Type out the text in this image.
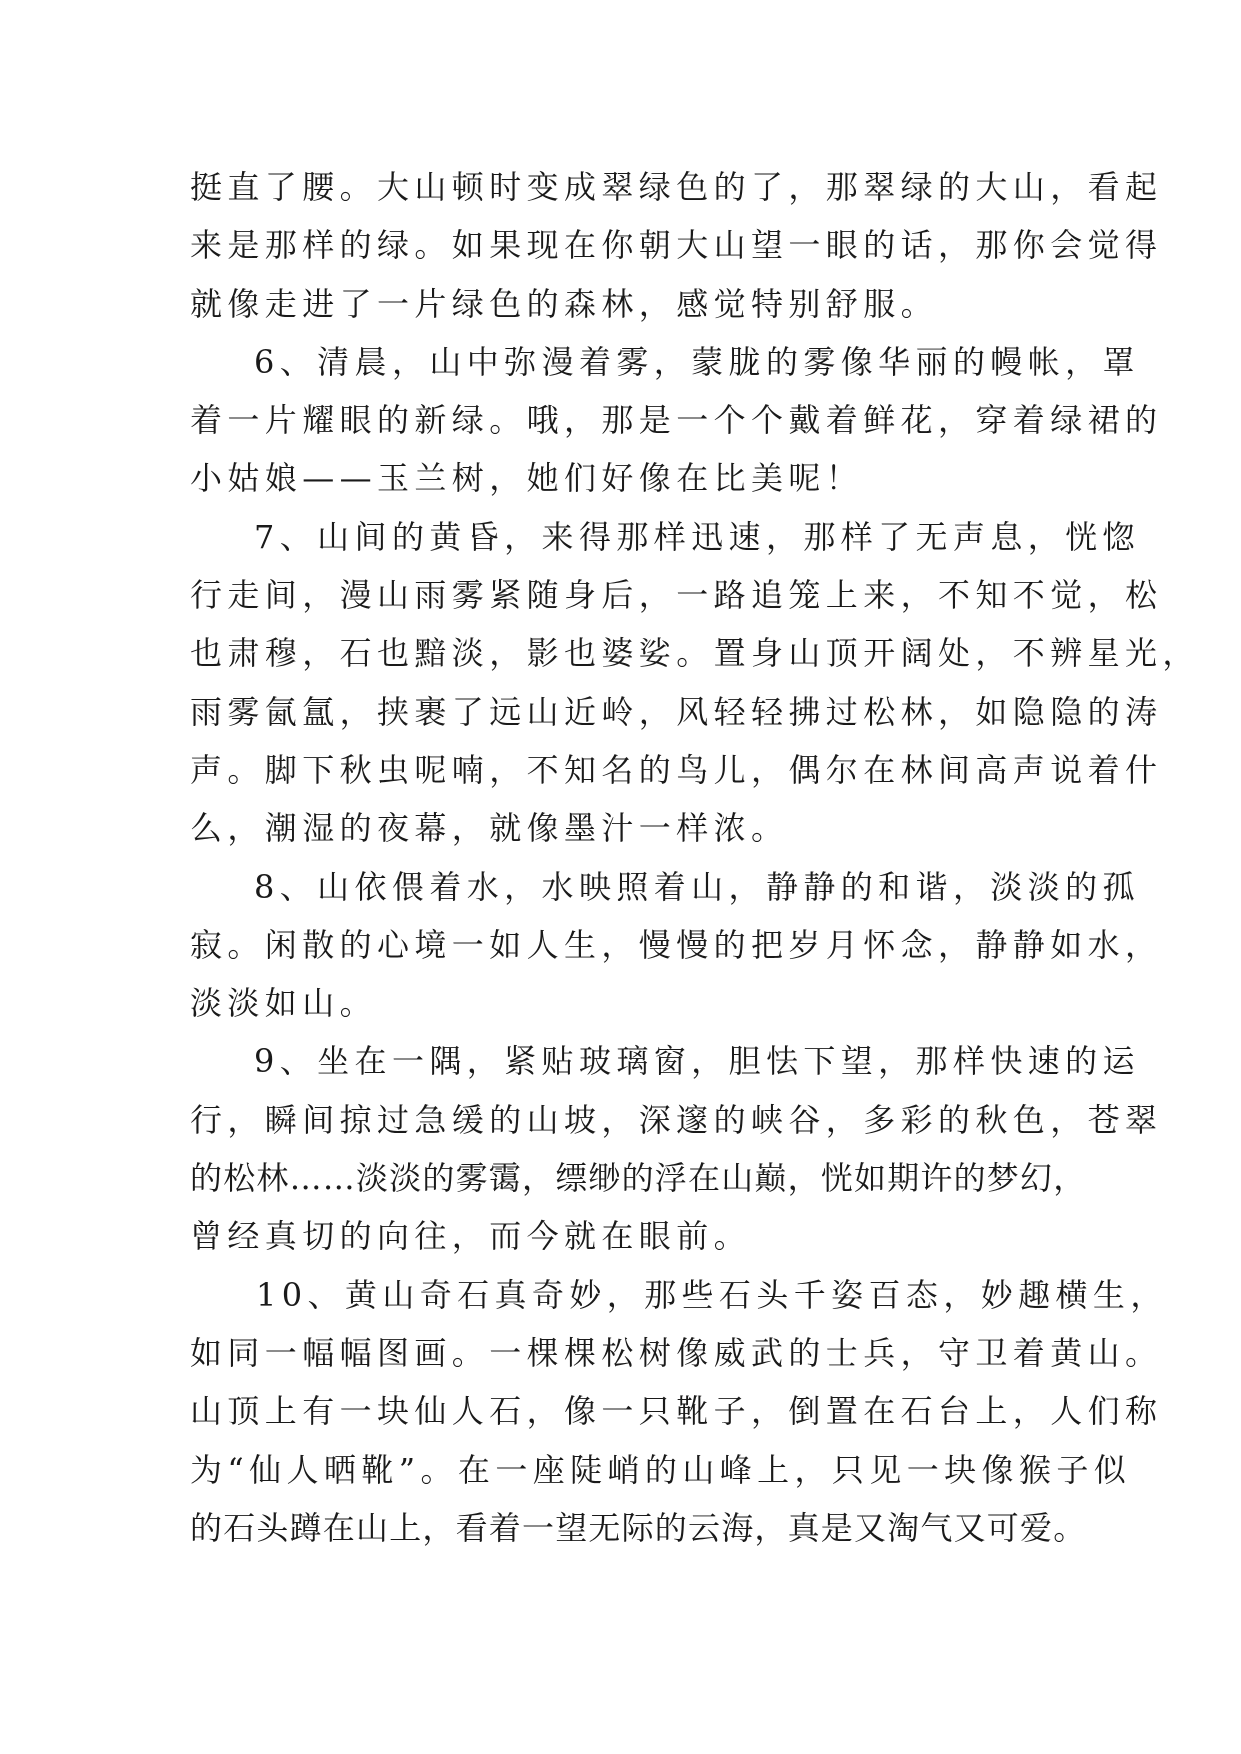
挺直了腰。大山顿时变成翠绿色的了，那翠绿的大山，看起
来是那样的绿。如果现在你朝大山望一眼的话，那你会觉得
就像走进了一片绿色的森林，感觉特别舒服。
6、清晨，山中弥漫着雾，蒙胧的雾像华丽的幔帐，罩
着一片耀眼的新绿。哦，那是一个个戴着鲜花，穿着绿裙的
小姑娘——玉兰树，她们好像在比美呢！
7、山间的黄昏，来得那样迅速，那样了无声息，恍惚
行走间，漫山雨雾紧随身后，一路追笼上来，不知不觉，松
也肃穆，石也黯淡，影也婆娑。置身山顶开阔处，不辨星光，
雨雾氤氲，挟裹了远山近岭，风轻轻拂过松林，如隐隐的涛
声。脚下秋虫呢喃，不知名的鸟儿，偶尔在林间高声说着什
么，潮湿的夜幕，就像墨汁一样浓。
8、山依偎着水，水映照着山，静静的和谐，淡淡的孤
寂。闲散的心境一如人生，慢慢的把岁月怀念，静静如水，
淡淡如山。
9、坐在一隅，紧贴玻璃窗，胆怯下望，那样快速的运
行，瞬间掠过急缓的山坡，深邃的峡谷，多彩的秋色，苍翠
的松林……淡淡的雾霭，缥缈的浮在山巅，恍如期许的梦幻，
曾经真切的向往，而今就在眼前。
10、黄山奇石真奇妙，那些石头千姿百态，妙趣横生，
如同一幅幅图画。一棵棵松树像威武的士兵，守卫着黄山。
山顶上有一块仙人石，像一只靴子，倒置在石台上，人们称
为“仙人晒靴”。在一座陡峭的山峰上，只见一块像猴子似
的石头蹲在山上，看着一望无际的云海，真是又淘气又可爱。
